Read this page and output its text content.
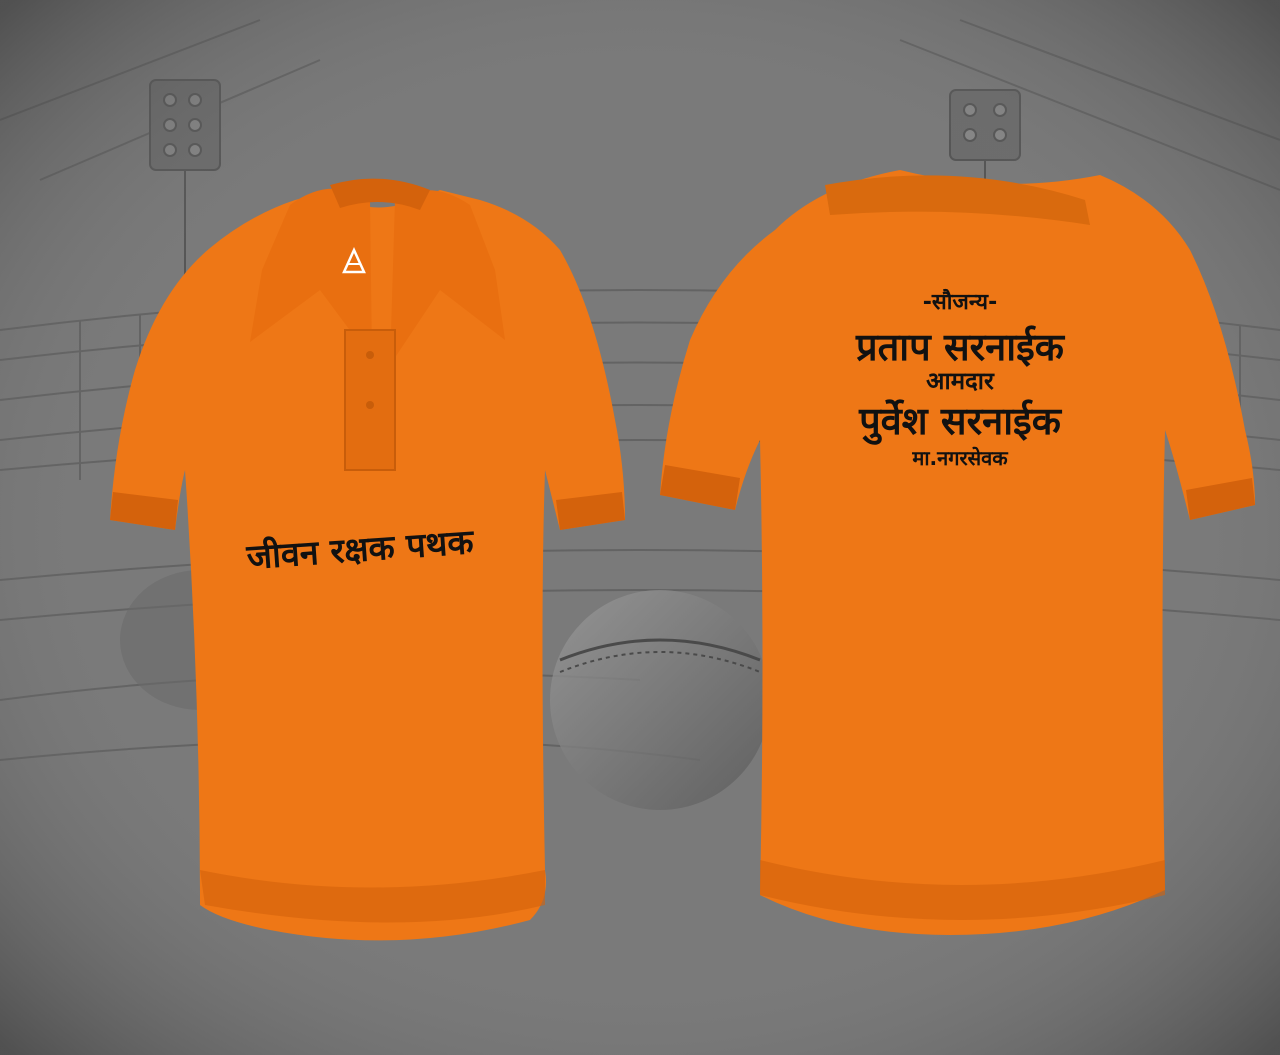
जीवन रक्षक पथक
-सौजन्य-
प्रताप सरनाईक
आमदार
पुर्वेश सरनाईक
मा.नगरसेवक
